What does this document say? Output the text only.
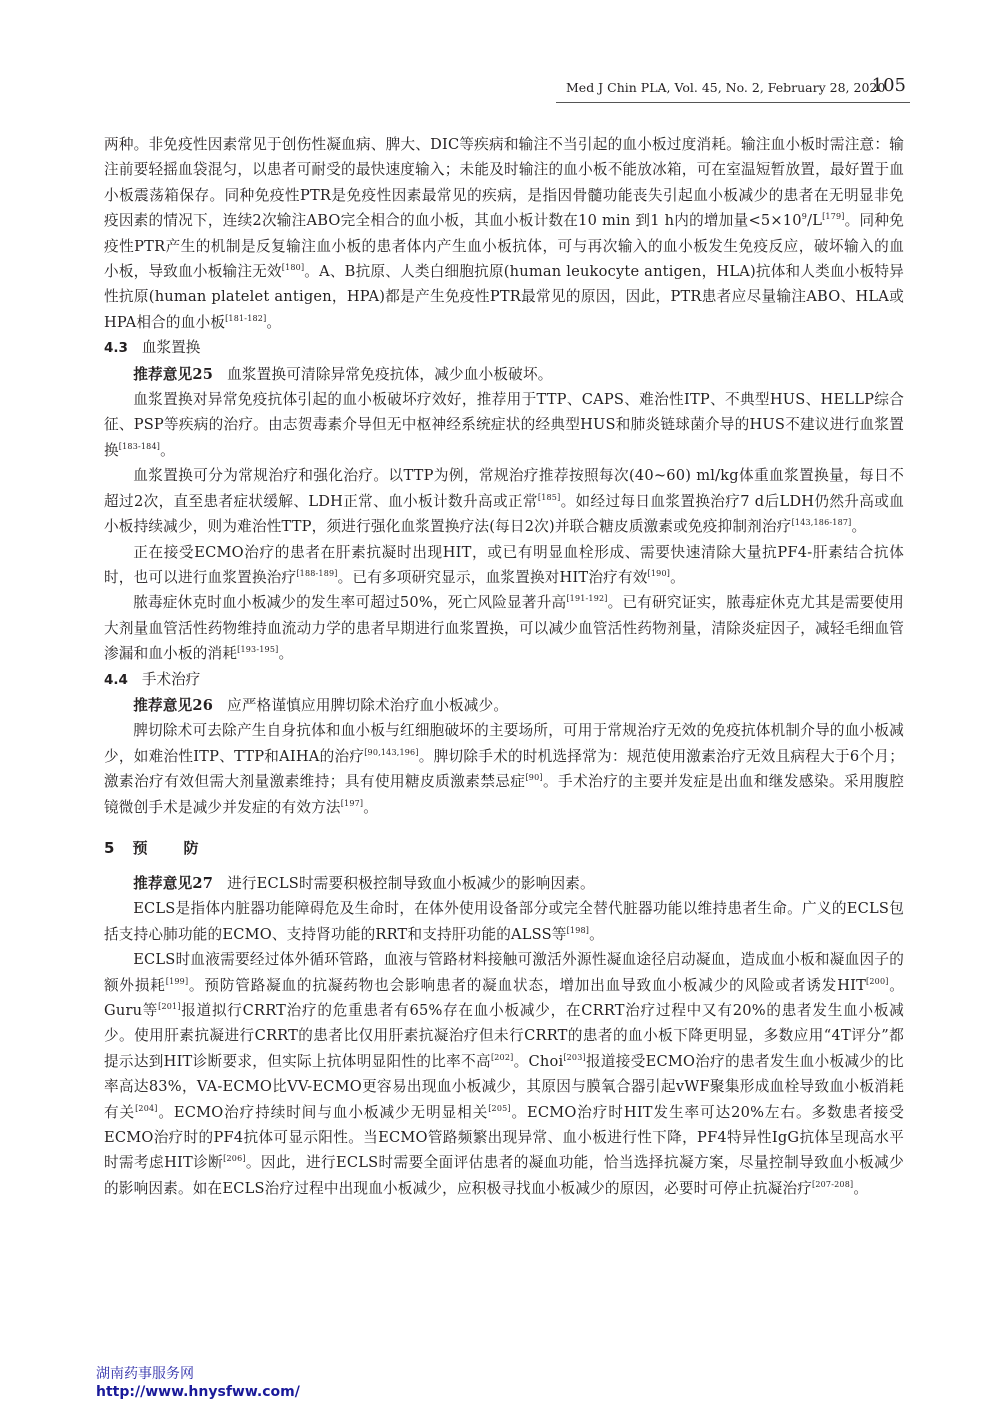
Med J Chin PLA, Vol. 45, No. 2, February 28, 2020
105

两种。非免疫性因素常见于创伤性凝血病、脾大、DIC等疾病和输注不当引起的血小板过度消耗。输注血小板时需注意：输注前要轻摇血袋混匀，以患者可耐受的最快速度输入；未能及时输注的血小板不能放冰箱，可在室温短暂放置，最好置于血小板震荡箱保存。同种免疫性PTR是免疫性因素最常见的疾病，是指因骨髓功能丧失引起血小板减少的患者在无明显非免疫因素的情况下，连续2次输注ABO完全相合的血小板，其血小板计数在10 min 到1 h内的增加量$<5\times 10^9/L[179]$。同种免疫性PTR产生的机制是反复输注血小板的患者体内产生血小板抗体，可与再次输入的血小板发生免疫反应，破坏输入的血小板，导致血小板输注无效[180]。A、B抗原、人类白细胞抗原(human leukocyte antigen，HLA)抗体和人类血小板特异性抗原(human platelet antigen，HPA)都是产生免疫性PTR最常见的原因，因此，PTR患者应尽量输注ABO、HLA或HPA相合的血小板[181-182]。

4.3 血浆置换

推荐意见25 血浆置换可清除异常免疫抗体，减少血小板破坏。

血浆置换对异常免疫抗体引起的血小板破坏疗效好，推荐用于TTP、CAPS、难治性ITP、不典型HUS、HELLP综合征、PSP等疾病的治疗。由志贺毒素介导但无中枢神经系统症状的经典型HUS和肺炎链球菌介导的HUS不建议进行血浆置换[183-184]。

血浆置换可分为常规治疗和强化治疗。以TTP为例，常规治疗推荐按照每次(40~60) ml/kg体重血浆置换量，每日不超过2次，直至患者症状缓解、LDH正常、血小板计数升高或正常[185]。如经过每日血浆置换治疗7 d后LDH仍然升高或血小板持续减少，则为难治性TTP，须进行强化血浆置换疗法(每日2次)并联合糖皮质激素或免疫抑制剂治疗[143,186-187]。

正在接受ECMO治疗的患者在肝素抗凝时出现HIT，或已有明显血栓形成、需要快速清除大量抗PF4-肝素结合抗体时，也可以进行血浆置换治疗[188-189]。已有多项研究显示，血浆置换对HIT治疗有效[190]。

脓毒症休克时血小板减少的发生率可超过50%，死亡风险显著升高[191-192]。已有研究证实，脓毒症休克尤其是需要使用大剂量血管活性药物维持血流动力学的患者早期进行血浆置换，可以减少血管活性药物剂量，清除炎症因子，减轻毛细血管渗漏和血小板的消耗[193-195]。

4.4 手术治疗

推荐意见26 应严格谨慎应用脾切除术治疗血小板减少。

脾切除术可去除产生自身抗体和血小板与红细胞破坏的主要场所，可用于常规治疗无效的免疫抗体机制介导的血小板减少，如难治性ITP、TTP和AIHA的治疗[90,143,196]。脾切除手术的时机选择常为：规范使用激素治疗无效且病程大于6个月；激素治疗有效但需大剂量激素维持；具有使用糖皮质激素禁忌症[90]。手术治疗的主要并发症是出血和继发感染。采用腹腔镜微创手术是减少并发症的有效方法[197]。

5 预 防

推荐意见27 进行ECLS时需要积极控制导致血小板减少的影响因素。

ECLS是指体内脏器功能障碍危及生命时，在体外使用设备部分或完全替代脏器功能以维持患者生命。广义的ECLS包括支持心肺功能的ECMO、支持肾功能的RRT和支持肝功能的ALSS等[198]。

ECLS时血液需要经过体外循环管路，血液与管路材料接触可激活外源性凝血途径启动凝血，造成血小板和凝血因子的额外损耗[199]。预防管路凝血的抗凝药物也会影响患者的凝血状态，增加出血导致血小板减少的风险或者诱发HIT[200]。Guru等[201]报道拟行CRRT治疗的危重患者有65%存在血小板减少，在CRRT治疗过程中又有20%的患者发生血小板减少。使用肝素抗凝进行CRRT的患者比仅用肝素抗凝治疗但未行CRRT的患者的血小板下降更明显，多数应用“4T评分”都提示达到HIT诊断要求，但实际上抗体明显阳性的比率不高[202]。Choi[203]报道接受ECMO治疗的患者发生血小板减少的比率高达83%，VA-ECMO比VV-ECMO更容易出现血小板减少，其原因与膜氧合器引起vWF聚集形成血栓导致血小板消耗有关[204]。ECMO治疗持续时间与血小板减少无明显相关[205]。ECMO治疗时HIT发生率可达20%左右。多数患者接受ECMO治疗时的PF4抗体可显示阳性。当ECMO管路频繁出现异常、血小板进行性下降，PF4特异性IgG抗体呈现高水平时需考虑HIT诊断[206]。因此，进行ECLS时需要全面评估患者的凝血功能，恰当选择抗凝方案，尽量控制导致血小板减少的影响因素。如在ECLS治疗过程中出现血小板减少，应积极寻找血小板减少的原因，必要时可停止抗凝治疗[207-208]。

湖南药事服务网
http://www.hnysfww.com/
